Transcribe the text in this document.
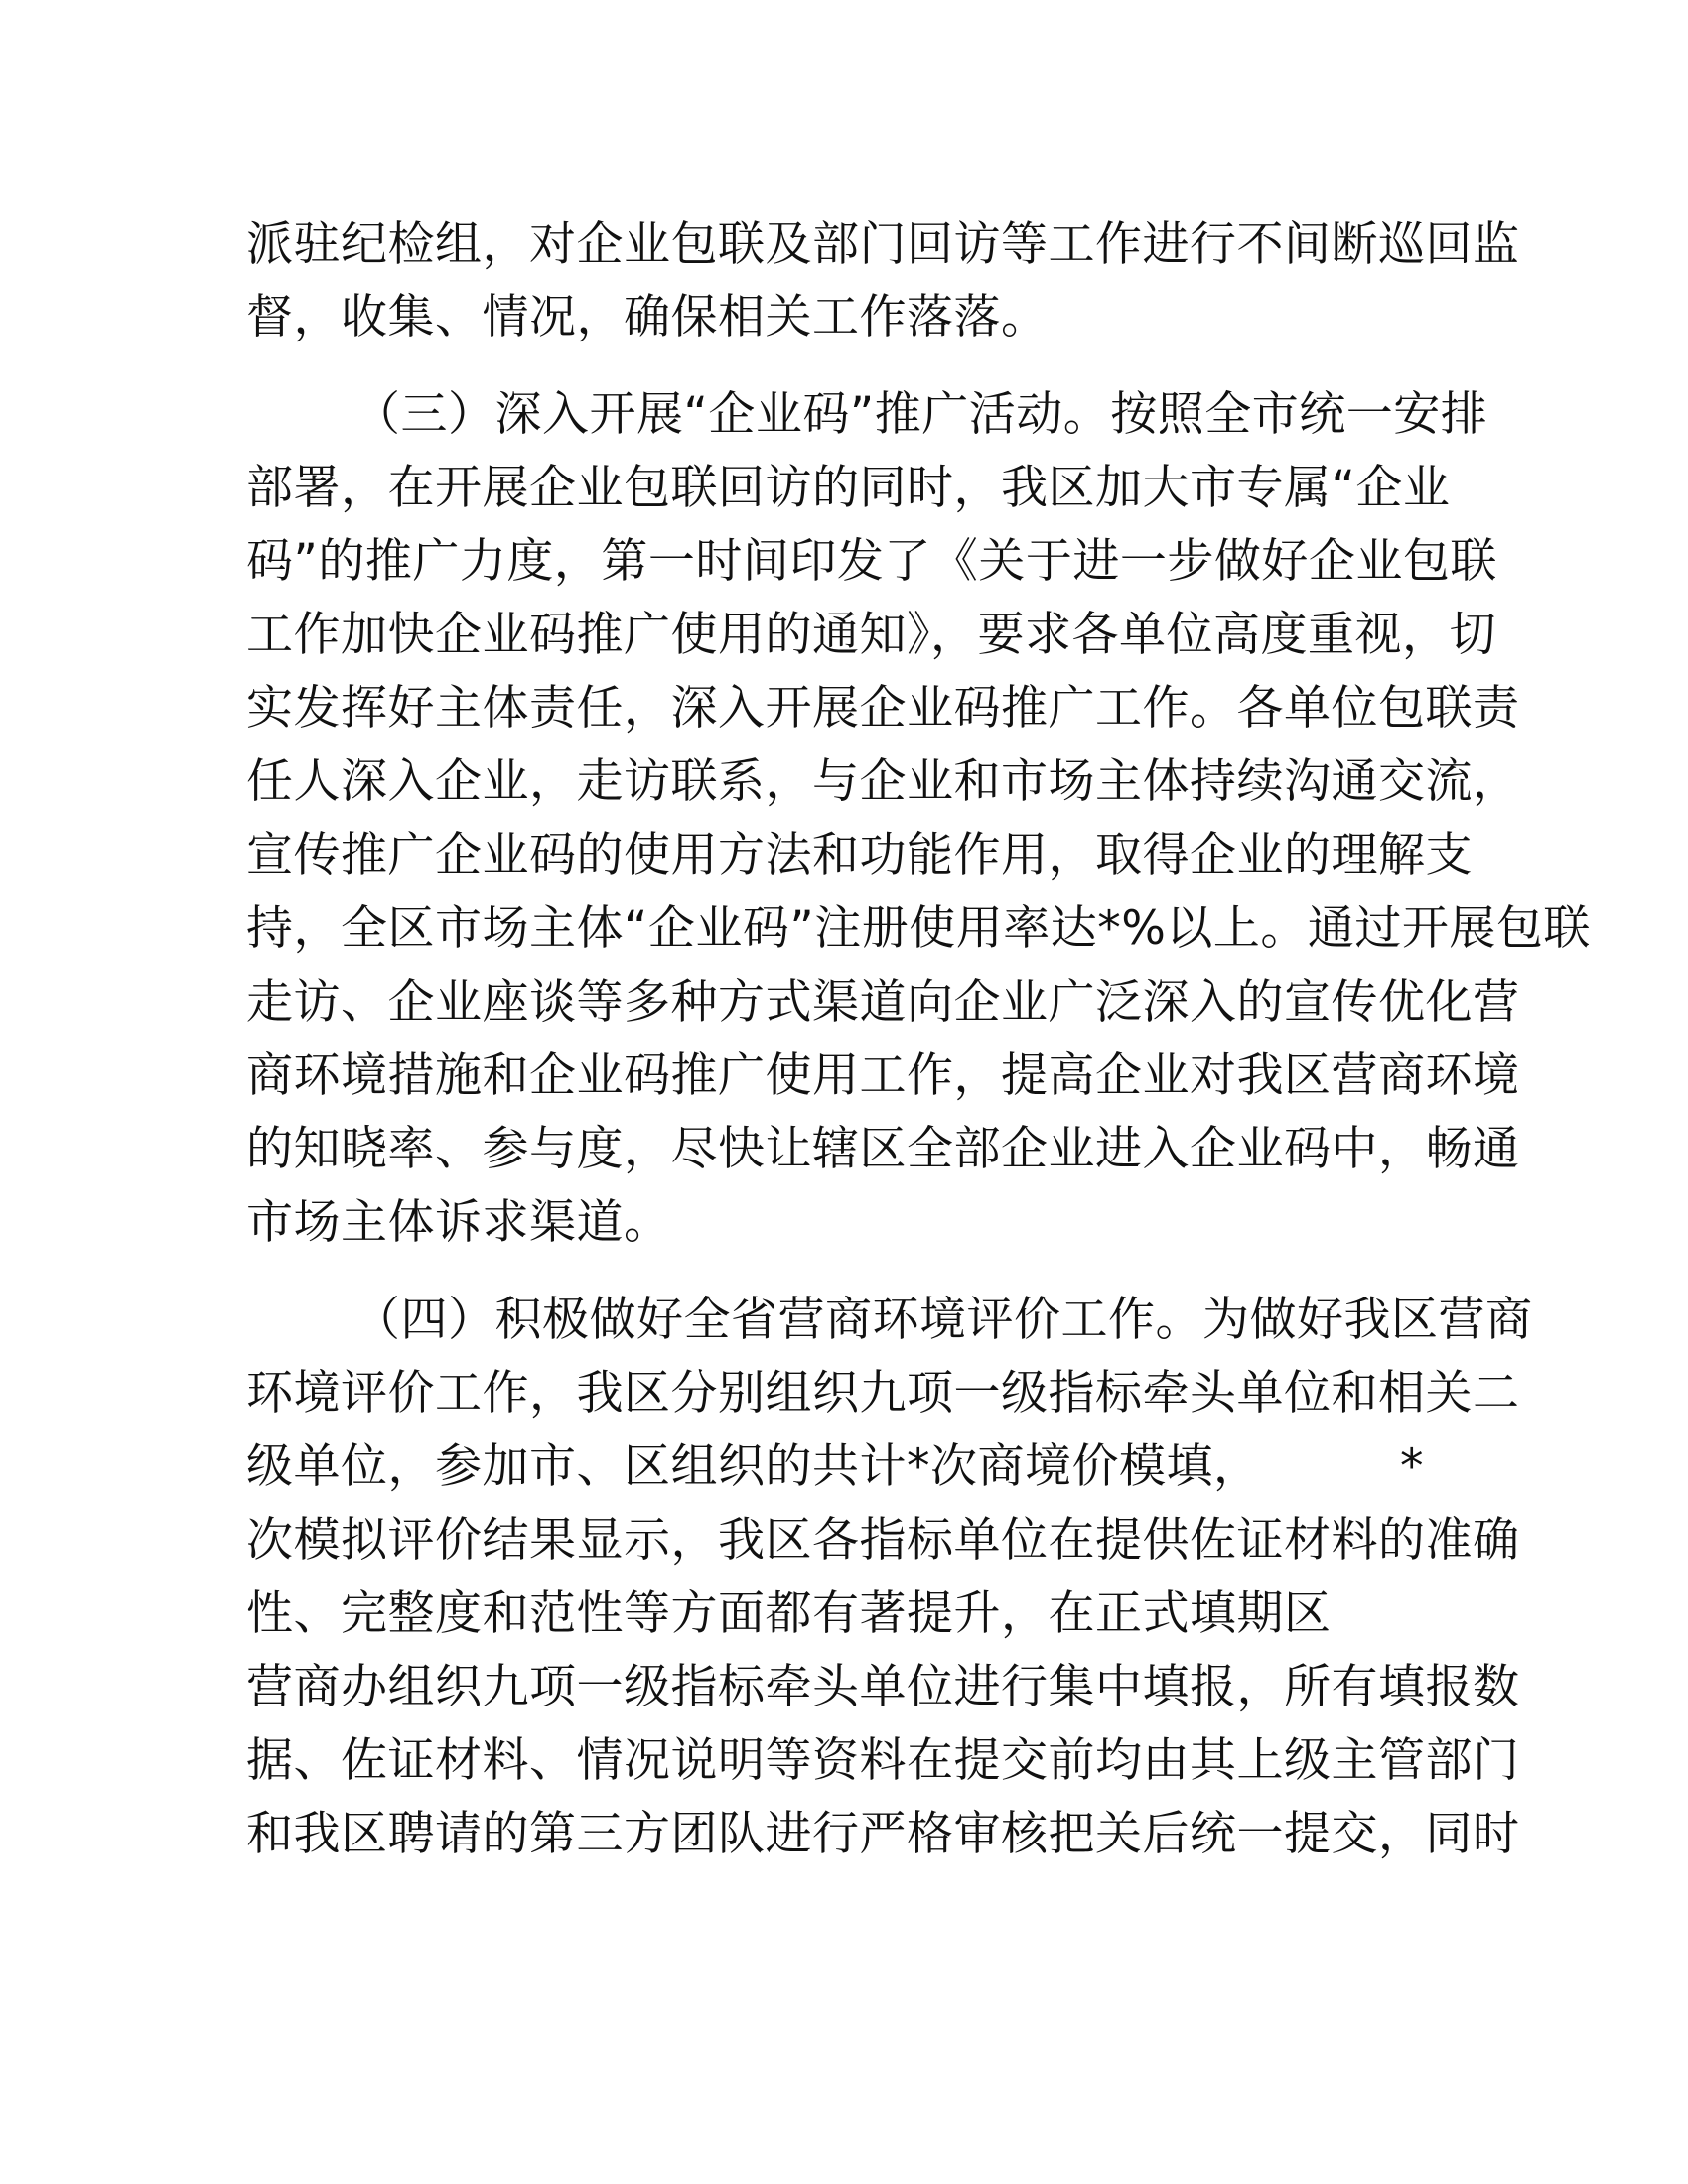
派驻纪检组，对企业包联及部门回访等工作进行不间断巡回监
督，收集、情况，确保相关工作落落。
（三）深入开展“企业码”推广活动。按照全市统一安排
部署，在开展企业包联回访的同时，我区加大市专属“企业
码”的推广力度，第一时间印发了《关于进一步做好企业包联
工作加快企业码推广使用的通知》，要求各单位高度重视，切
实发挥好主体责任，深入开展企业码推广工作。各单位包联责
任人深入企业，走访联系，与企业和市场主体持续沟通交流，
宣传推广企业码的使用方法和功能作用，取得企业的理解支
持，全区市场主体“企业码”注册使用率达*%以上。通过开展包联
走访、企业座谈等多种方式渠道向企业广泛深入的宣传优化营
商环境措施和企业码推广使用工作，提高企业对我区营商环境
的知晓率、参与度，尽快让辖区全部企业进入企业码中，畅通
市场主体诉求渠道。
（四）积极做好全省营商环境评价工作。为做好我区营商
环境评价工作，我区分别组织九项一级指标牵头单位和相关二
级单位，参加市、区组织的共计*次商境价模填，	*
次模拟评价结果显示，我区各指标单位在提供佐证材料的准确
性、完整度和范性等方面都有著提升，在正式填期区
营商办组织九项一级指标牵头单位进行集中填报，所有填报数
据、佐证材料、情况说明等资料在提交前均由其上级主管部门
和我区聘请的第三方团队进行严格审核把关后统一提交，同时
